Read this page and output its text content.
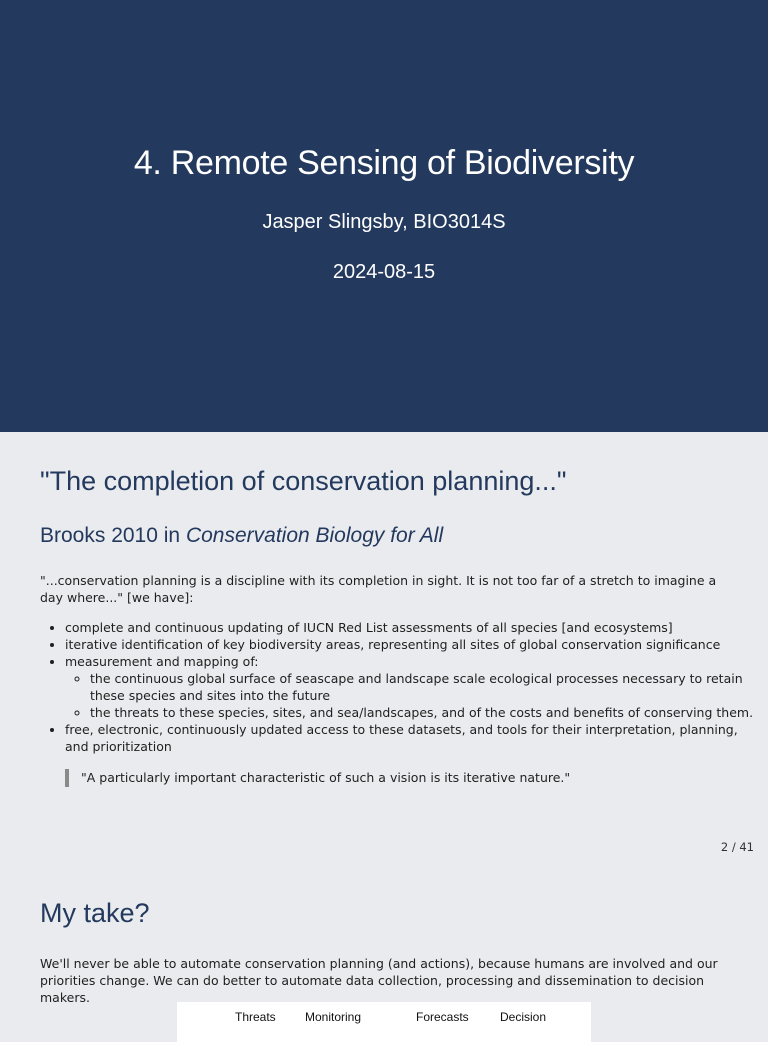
4. Remote Sensing of Biodiversity
Jasper Slingsby, BIO3014S
2024-08-15
"The completion of conservation planning..."
Brooks 2010 in Conservation Biology for All

"...conservation planning is a discipline with its completion in sight. It is not too far of a stretch to imagine a day where..." [we have]:

• complete and continuous updating of IUCN Red List assessments of all species [and ecosystems]
• iterative identification of key biodiversity areas, representing all sites of global conservation significance
• measurement and mapping of:
◦ the continuous global surface of seascape and landscape scale ecological processes necessary to retain these species and sites into the future
◦ the threats to these species, sites, and sea/landscapes, and of the costs and benefits of conserving them.
• free, electronic, continuously updated access to these datasets, and tools for their interpretation, planning, and prioritization
"A particularly important characteristic of such a vision is its iterative nature."
2 / 41
My take?

We'll never be able to automate conservation planning (and actions), because humans are involved and our priorities change. We can do better to automate data collection, processing and dissemination to decision makers.

Threats Monitoring	Forecasts	Decision
